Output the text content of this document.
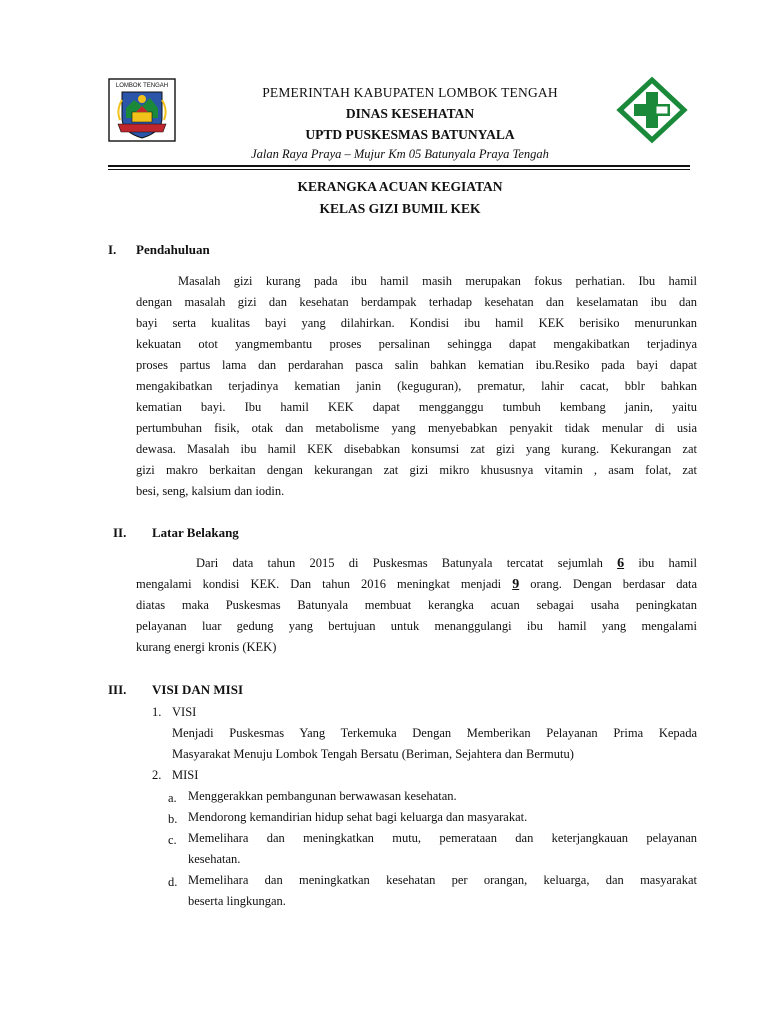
LOMBOK TENGAH	PEMERINTAH KABUPATEN LOMBOK TENGAH
DINAS KESEHATAN
UPTD PUSKESMAS BATUNYALA
Jalan Raya Praya – Mujur Km 05 Batunyala Praya Tengah
KERANGKA ACUAN KEGIATAN
KELAS GIZI BUMIL KEK
I. Pendahuluan
Masalah gizi kurang pada ibu hamil masih merupakan fokus perhatian. Ibu hamil
dengan masalah gizi dan kesehatan berdampak terhadap kesehatan dan keselamatan ibu dan
bayi serta kualitas bayi yang dilahirkan. Kondisi ibu hamil KEK berisiko menurunkan
kekuatan otot yangmembantu proses persalinan sehingga dapat mengakibatkan terjadinya
proses partus lama dan perdarahan pasca salin bahkan kematian ibu.Resiko pada bayi dapat
mengakibatkan terjadinya kematian janin (keguguran), prematur, lahir cacat, bblr bahkan
kematian bayi. Ibu hamil KEK dapat mengganggu tumbuh kembang janin, yaitu
pertumbuhan fisik, otak dan metabolisme yang menyebabkan penyakit tidak menular di usia
dewasa. Masalah ibu hamil KEK disebabkan konsumsi zat gizi yang kurang. Kekurangan zat
gizi makro berkaitan dengan kekurangan zat gizi mikro khususnya vitamin , asam folat, zat
besi, seng, kalsium dan iodin.
II. Latar Belakang
Dari data tahun 2015 di Puskesmas Batunyala tercatat sejumlah 6 ibu hamil
mengalami kondisi KEK. Dan tahun 2016 meningkat menjadi 9 orang. Dengan berdasar data
diatas maka Puskesmas Batunyala membuat kerangka acuan sebagai usaha peningkatan
pelayanan luar gedung yang bertujuan untuk menanggulangi ibu hamil yang mengalami
kurang energi kronis (KEK)
III. VISI DAN MISI
1. VISI
Menjadi Puskesmas Yang Terkemuka Dengan Memberikan Pelayanan Prima Kepada
Masyarakat Menuju Lombok Tengah Bersatu (Beriman, Sejahtera dan Bermutu)
2. MISI
a. Menggerakkan pembangunan berwawasan kesehatan.
b. Mendorong kemandirian hidup sehat bagi keluarga dan masyarakat.
c. Memelihara dan meningkatkan mutu, pemerataan dan keterjangkauan pelayanan
kesehatan.
d. Memelihara dan meningkatkan kesehatan per orangan, keluarga, dan masyarakat
beserta lingkungan.
